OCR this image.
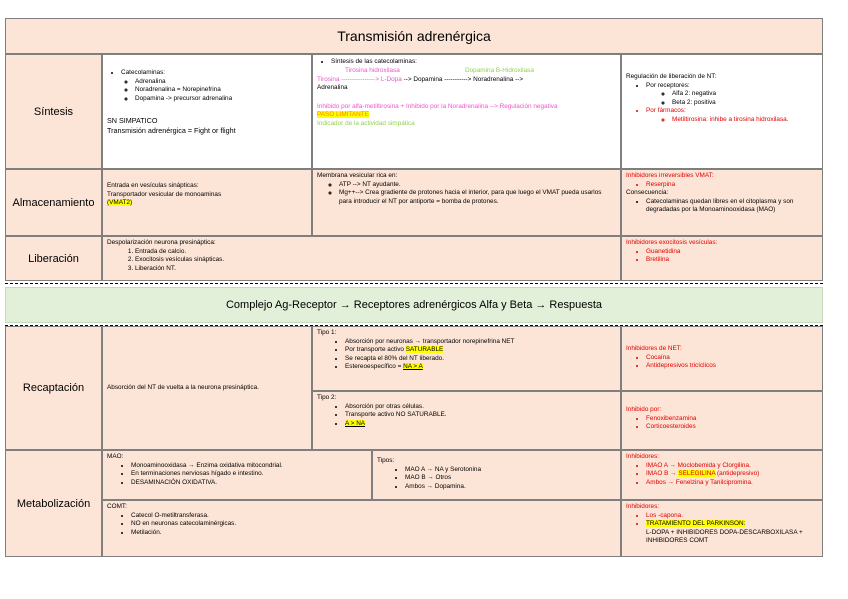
Transmisión adrenérgica
Síntesis
• Catecolaminas:
◦ Adrenalina
◦ Noradrenalina = Norepinefrina
◦ Dopamina -> precursor adrenalina
SN SIMPATICO
Transmisión adrenérgica = Fight or flight
• Síntesis de las catecolaminas:
Tirosina hidroxilasa	Dopamina B-Hidroxilasa
Tirosina ----------------> L-Dopa --> Dopamina -----------> Noradrenalina -->
Adrenalina
Inhibido por alfa-metiltirosina + Inhibido por la Noradrenalina --> Regulación negativa
PASO LIMITANTE
Indicador de la actividad simpática
Regulación de liberación de NT:
• Por receptores:
◦ Alfa 2: negativa
◦ Beta 2: positiva
• Por fármacos:
◦ Metiltirosina: inhibe a tirosina hidroxilasa.
Almacenamiento
Entrada en vesículas sinápticas:
Transportador vesicular de monoaminas
(VMAT2)
Membrana vesicular rica en:
◦ ATP --> NT ayudante.
◦ Mg++--> Crea gradiente de protones hacia el interior, para que luego el VMAT pueda usarlos para introducir el NT por antiporte = bomba de protones.
Inhibidores irreversibles VMAT:
• Reserpina
Consecuencia:
• Catecolaminas quedan libres en el citoplasma y son degradadas por la Monoaminooxidasa (MAO)
Liberación
Despolarización neurona presináptica:
1. Entrada de calcio.
2. Exocitosis vesículas sinápticas.
3. Liberación NT.
Inhibidores exocitosis vesículas:
• Guanetidina
• Bretilina
Complejo Ag-Receptor → Receptores adrenérgicos Alfa y Beta → Respuesta
Recaptación	Absorción del NT de vuelta a la neurona presináptica.
Tipo 1:
• Absorción por neuronas → transportador norepinefrina NET
• Por transporte activo SATURABLE
• Se recapta el 80% del NT liberado.
• Estereoespecífico = NA > A
Tipo 2:
• Absorción por otras células.
• Transporte activo NO SATURABLE.
• A > NA
Inhibidores de NET:
• Cocaína
• Antidepresivos tricíclicos
Inhibido por:
• Fenoxibenzamina
• Corticoesteroides
Metabolización
MAO:
• Monoaminooxidasa → Enzima oxidativa mitocondrial.
• En terminaciones nerviosas hígado e intestino.
• DESAMINACIÓN OXIDATIVA.
Tipos:
• MAO A → NA y Serotonina
• MAO B → Otros
• Ambos → Dopamina.
Inhibidores:
• IMAO A → Moclobemida y Clorgilina.
• IMAO B → SELEGILINA (antidepresivo)
• Ambos → Fenelzina y Tanilcipromina.
COMT:
• Catecol O-metiltransferasa.
• NO en neuronas catecolaminérgicas.
• Metilación.
Inhibidores:
• Los -capona.
• TRATAMIENTO DEL PARKINSON:
L-DOPA + INHIBIDORES DOPA-DESCARBOXILASA + INHIBIDORES COMT
